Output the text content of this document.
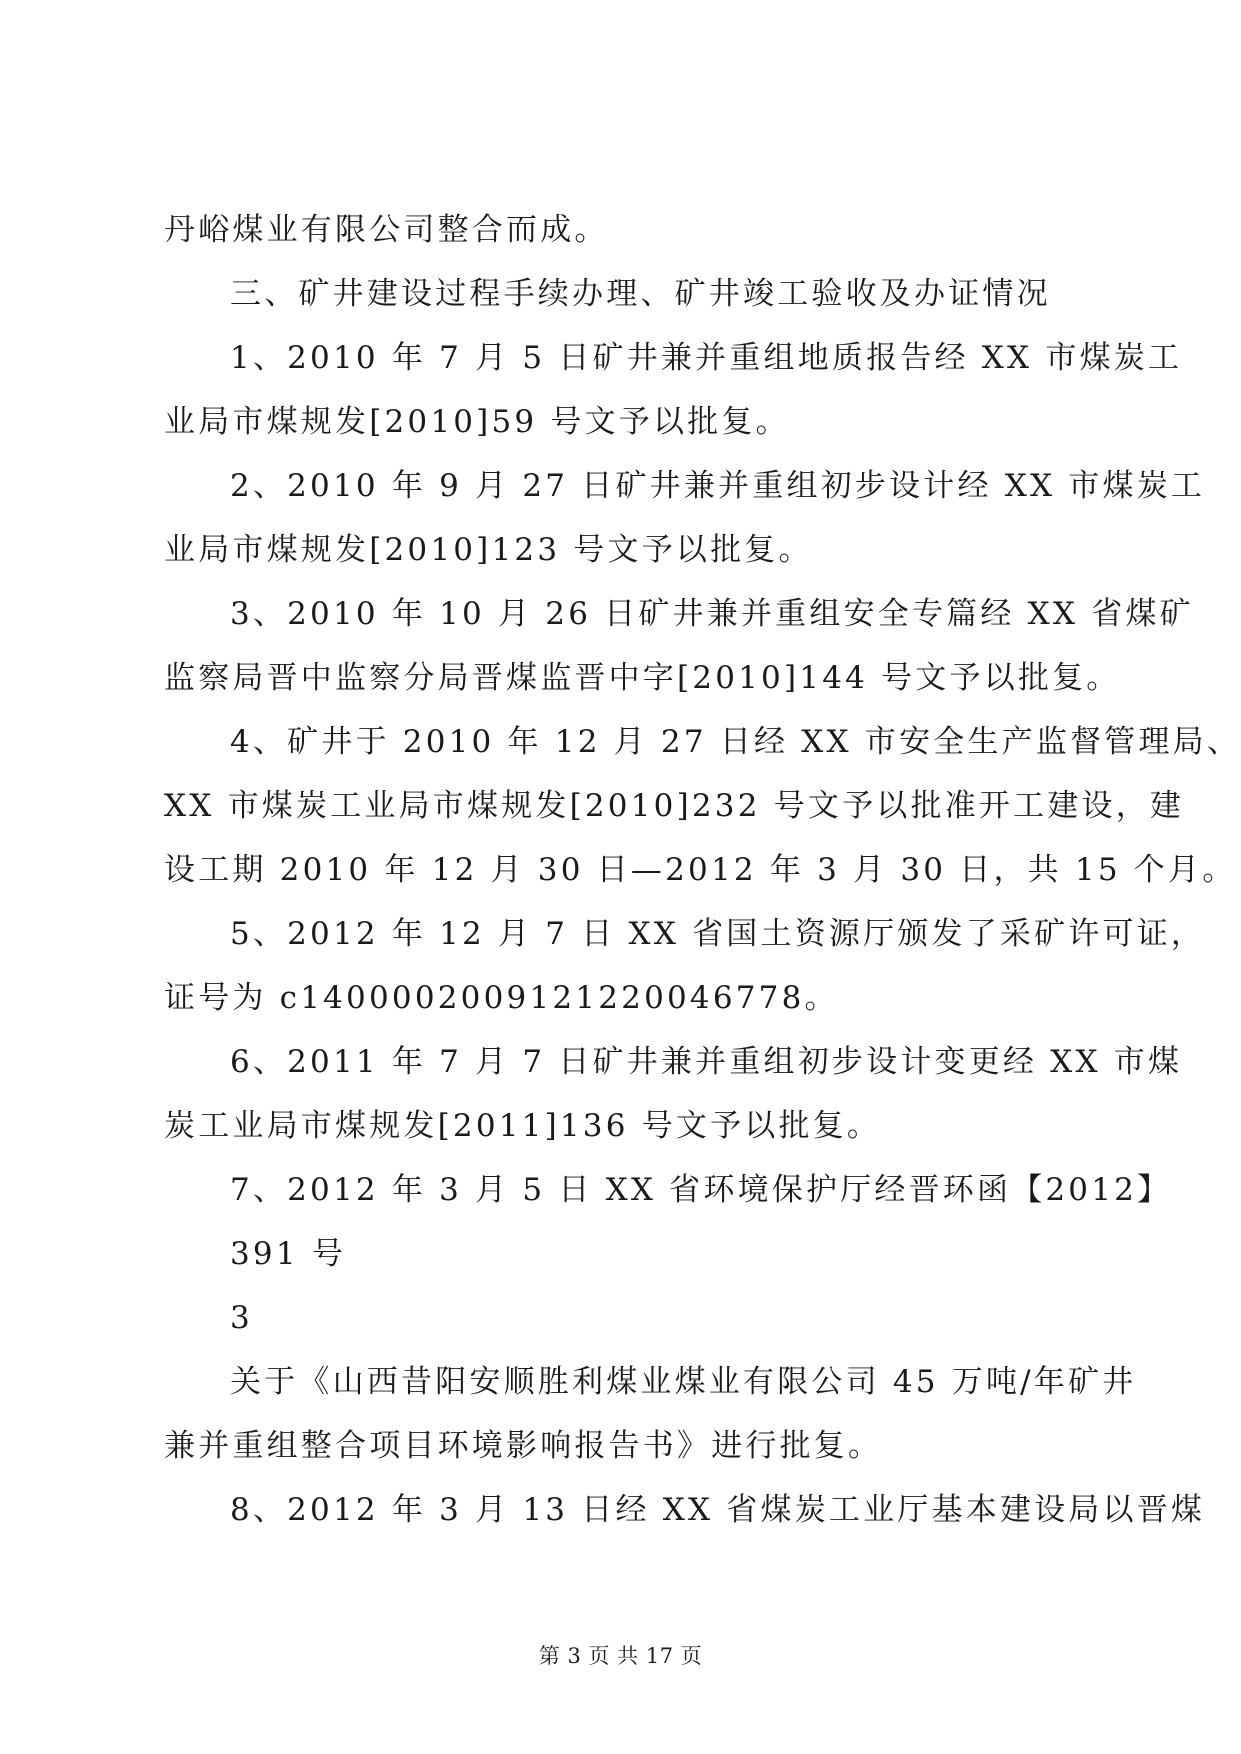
丹峪煤业有限公司整合而成。
三、矿井建设过程手续办理、矿井竣工验收及办证情况
1、2010 年 7 月 5 日矿井兼并重组地质报告经 XX 市煤炭工
业局市煤规发[2010]59 号文予以批复。
2、2010 年 9 月 27 日矿井兼并重组初步设计经 XX 市煤炭工
业局市煤规发[2010]123 号文予以批复。
3、2010 年 10 月 26 日矿井兼并重组安全专篇经 XX 省煤矿
监察局晋中监察分局晋煤监晋中字[2010]144 号文予以批复。
4、矿井于 2010 年 12 月 27 日经 XX 市安全生产监督管理局、
XX 市煤炭工业局市煤规发[2010]232 号文予以批准开工建设，建
设工期 2010 年 12 月 30 日—2012 年 3 月 30 日，共 15 个月。
5、2012 年 12 月 7 日 XX 省国土资源厅颁发了采矿许可证，
证号为 c1400002009121220046778。
6、2011 年 7 月 7 日矿井兼并重组初步设计变更经 XX 市煤
炭工业局市煤规发[2011]136 号文予以批复。
7、2012 年 3 月 5 日 XX 省环境保护厅经晋环函【2012】
391 号
3
关于《山西昔阳安顺胜利煤业煤业有限公司 45 万吨/年矿井
兼并重组整合项目环境影响报告书》进行批复。
8、2012 年 3 月 13 日经 XX 省煤炭工业厅基本建设局以晋煤
第 3 页 共 17 页
